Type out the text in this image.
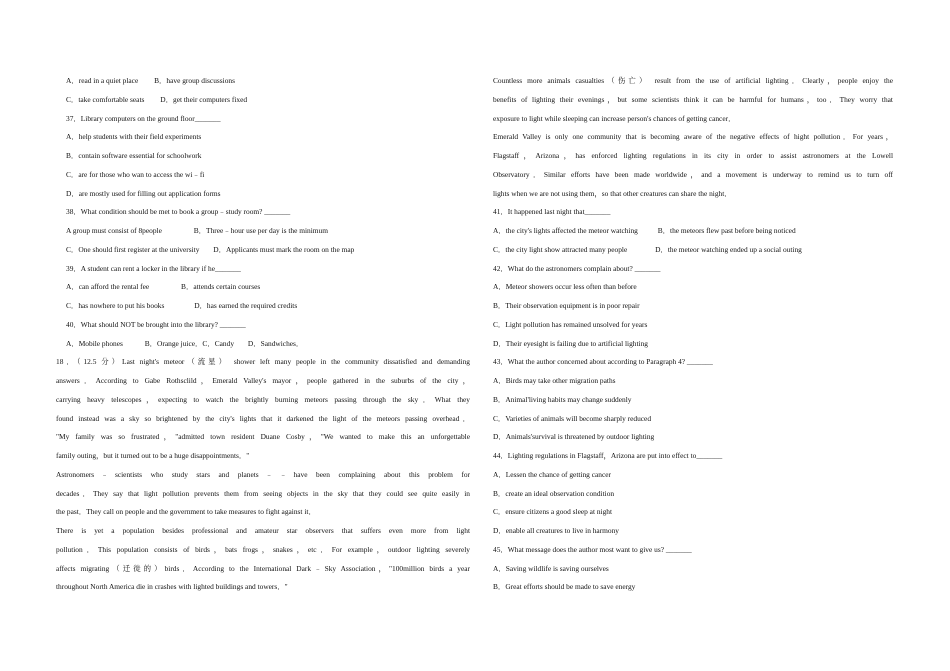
A．read in a quiet place B．have group discussions
C．take comfortable seats D．get their computers fixed
37．Library computers on the ground floor_______
A．help students with their field experiments
B．contain software essential for schoolwork
C．are for those who wan to access the wi﹣fi
D．are mostly used for filling out application forms
38．What condition should be met to book a group﹣study room? _______
A group must consist of 8people	B．Three﹣hour use per day is the minimum
C．One should first register at the university D．Applicants must mark the room on the map
39．A student can rent a locker in the library if he_______
A．can afford the rental fee	B．attends certain courses
C．has nowhere to put his books	D．has earned the required credits
40．What should NOT be brought into the library? _______
A．Mobile phones	B．Orange juice．C．Candy D．Sandwiches．
18．（12.5 分）Last night's meteor（流星） shower left many people in the community dissatisfied and demanding
answers．According to Gabe Rothsclild，Emerald Valley's mayor，people gathered in the suburbs of the city，
carrying heavy telescopes，expecting to watch the brightly burning meteors passing through the sky．What they
found instead was a sky so brightened by the city's lights that it darkened the light of the meteors passing overhead．
"My family was so frustrated，"admitted town resident Duane Cosby，"We wanted to make this an unforgettable
family outing，but it turned out to be a huge disappointments．"
Astronomers﹣scientists who study stars and planets﹣﹣have been complaining about this problem for
decades．They say that light pollution prevents them from seeing objects in the sky that they could see quite easily in
the past．They call on people and the government to take measures to fight against it．
There is yet a population besides professional and amateur star observers that suffers even more from light
pollution．This population consists of birds，bats frogs，snakes，etc．For example，outdoor lighting severely
affects migrating（迁徙的）birds．According to the International Dark﹣Sky Association，"100million birds a year
throughout North America die in crashes with lighted buildings and towers．"
Countless more animals casualties（伤亡） result from the use of artificial lighting．Clearly，people enjoy the
benefits of lighting their evenings，but some scientists think it can be harmful for humans，too．They worry that
exposure to light while sleeping can increase person's chances of getting cancer．
Emerald Valley is only one community that is becoming aware of the negative effects of hight pollution．For years，
Flagstaff，Arizona，has enforced lighting regulations in its city in order to assist astronomers at the Lowell
Observatory．Similar efforts have been made worldwide，and a movement is underway to remind us to turn off
lights when we are not using them，so that other creatures can share the night．
41．It happened last night that_______
A．the city's lights affected the meteor watching	B．the meteors flew past before being noticed
C．the city light show attracted many people	D．the meteor watching ended up a social outing
42．What do the astronomers complain about? _______
A．Meteor showers occur less often than before
B．Their observation equipment is in poor repair
C．Light pollution has remained unsolved for years
D．Their eyesight is failing due to artificial lighting
43．What the author concerned about according to Paragraph 4? _______
A．Birds may take other migration paths
B．Animal'living habits may change suddenly
C．Varieties of animals will become sharply reduced
D．Animals'survival is threatened by outdoor lighting
44．Lighting regulations in Flagstaff，Arizona are put into effect to_______
A．Lessen the chance of getting cancer
B．create an ideal observation condition
C．ensure citizens a good sleep at night
D．enable all creatures to live in harmony
45．What message does the author most want to give us? _______
A．Saving wildlife is saving ourselves
B．Great efforts should be made to save energy
